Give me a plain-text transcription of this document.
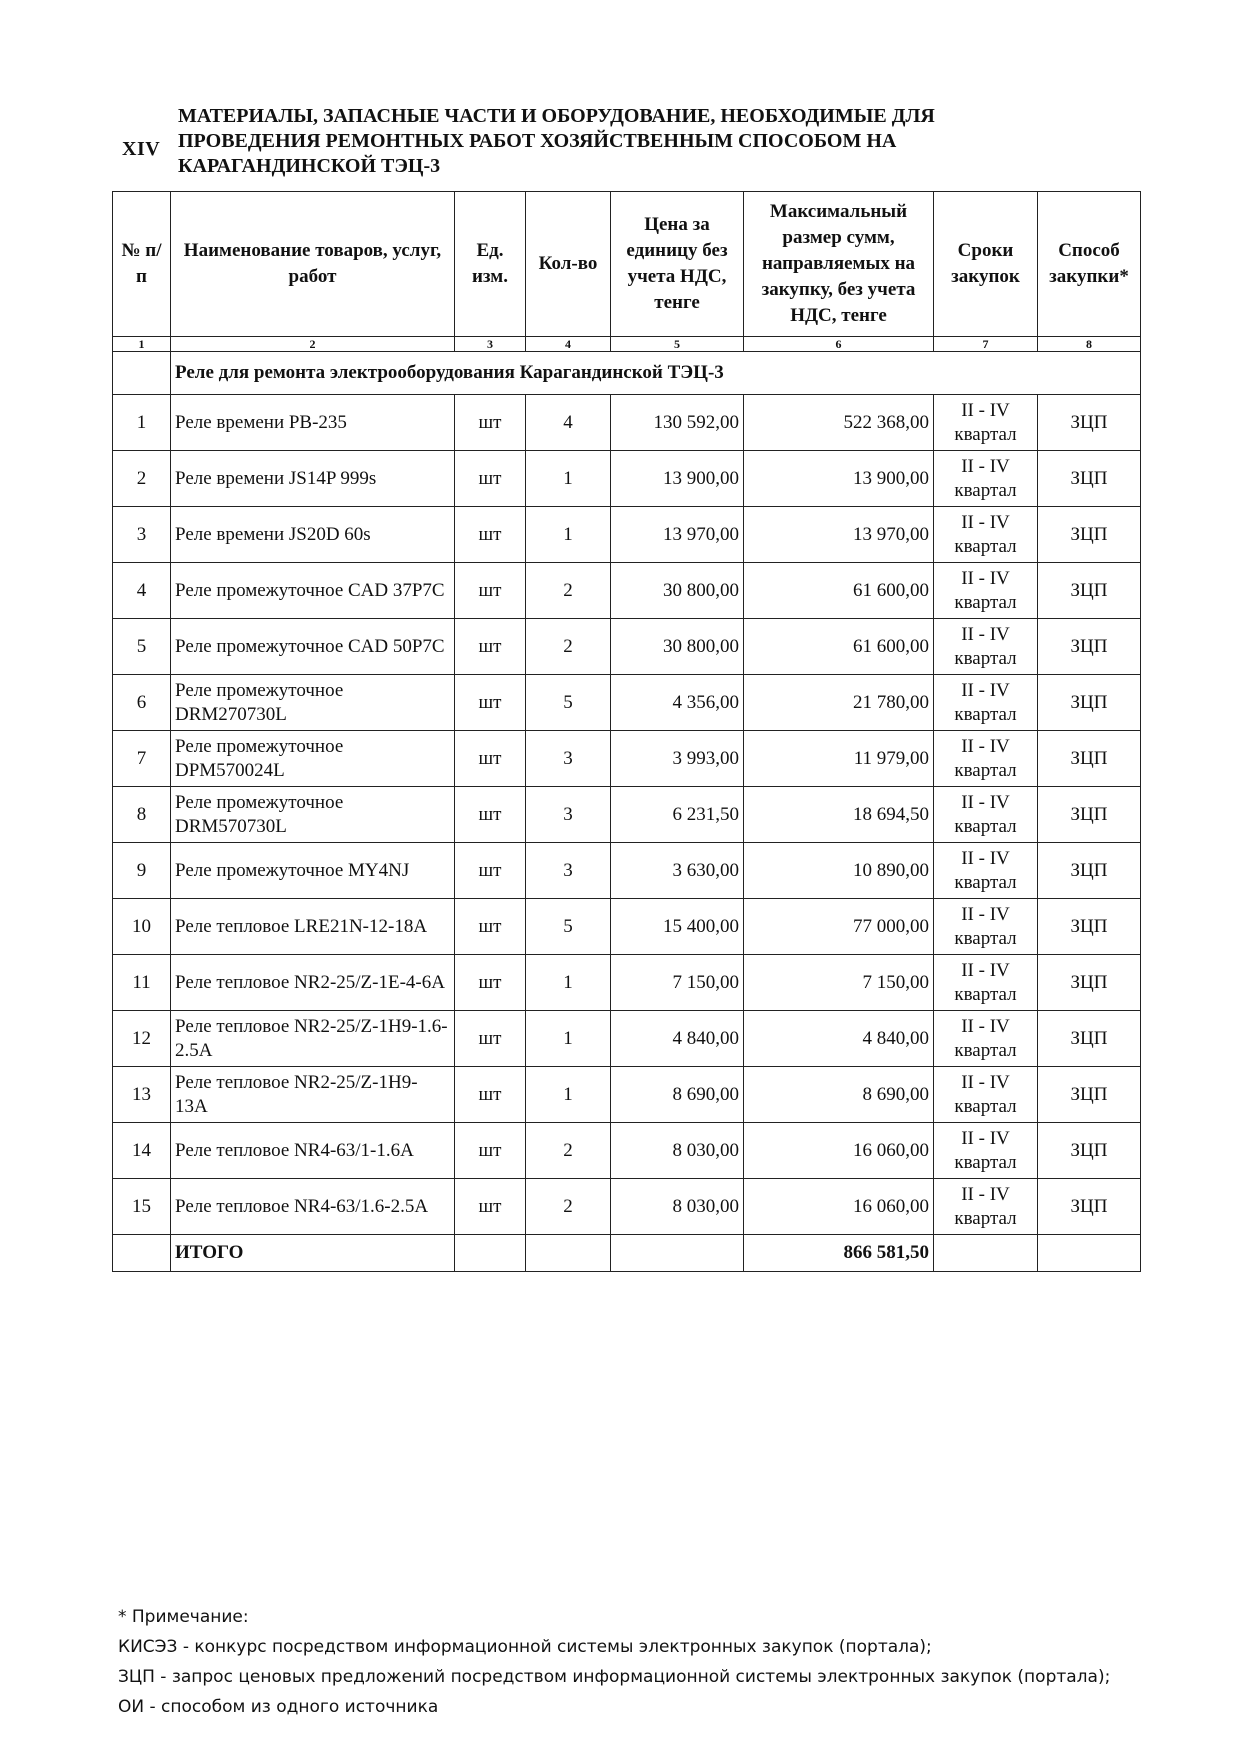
XIV
МАТЕРИАЛЫ, ЗАПАСНЫЕ ЧАСТИ И ОБОРУДОВАНИЕ, НЕОБХОДИМЫЕ ДЛЯ ПРОВЕДЕНИЯ РЕМОНТНЫХ РАБОТ ХОЗЯЙСТВЕННЫМ СПОСОБОМ НА КАРАГАНДИНСКОЙ ТЭЦ-3
№ п/п	Наименование товаров, услуг, работ	Ед. изм.	Кол-во	Цена за единицу без учета НДС, тенге	Максимальный размер сумм, направляемых на закупку, без учета НДС, тенге	Сроки закупок	Способ закупки*
1	2	3	4	5	6	7	8
	Реле для ремонта электрооборудования Карагандинской ТЭЦ-3						
1	Реле времени РВ-235	шт	4	130 592,00	522 368,00	II - IV квартал	ЗЦП
2	Реле времени JS14P 999s	шт	1	13 900,00	13 900,00	II - IV квартал	ЗЦП
3	Реле времени JS20D 60s	шт	1	13 970,00	13 970,00	II - IV квартал	ЗЦП
4	Реле промежуточное CAD 37P7C	шт	2	30 800,00	61 600,00	II - IV квартал	ЗЦП
5	Реле промежуточное CAD 50P7C	шт	2	30 800,00	61 600,00	II - IV квартал	ЗЦП
6	Реле промежуточное DRM270730L	шт	5	4 356,00	21 780,00	II - IV квартал	ЗЦП
7	Реле промежуточное DPM570024L	шт	3	3 993,00	11 979,00	II - IV квартал	ЗЦП
8	Реле промежуточное DRM570730L	шт	3	6 231,50	18 694,50	II - IV квартал	ЗЦП
9	Реле промежуточное MY4NJ	шт	3	3 630,00	10 890,00	II - IV квартал	ЗЦП
10	Реле тепловое LRE21N-12-18A	шт	5	15 400,00	77 000,00	II - IV квартал	ЗЦП
11	Реле тепловое NR2-25/Z-1E-4-6A	шт	1	7 150,00	7 150,00	II - IV квартал	ЗЦП
12	Реле тепловое NR2-25/Z-1H9-1.6-2.5A	шт	1	4 840,00	4 840,00	II - IV квартал	ЗЦП
13	Реле тепловое NR2-25/Z-1H9-13A	шт	1	8 690,00	8 690,00	II - IV квартал	ЗЦП
14	Реле тепловое NR4-63/1-1.6A	шт	2	8 030,00	16 060,00	II - IV квартал	ЗЦП
15	Реле тепловое NR4-63/1.6-2.5A	шт	2	8 030,00	16 060,00	II - IV квартал	ЗЦП
	ИТОГО				866 581,50		
* Примечание:
КИСЭЗ - конкурс посредством информационной системы электронных закупок (портала);
ЗЦП - запрос ценовых предложений посредством информационной системы электронных закупок (портала);
ОИ - способом из одного источника
